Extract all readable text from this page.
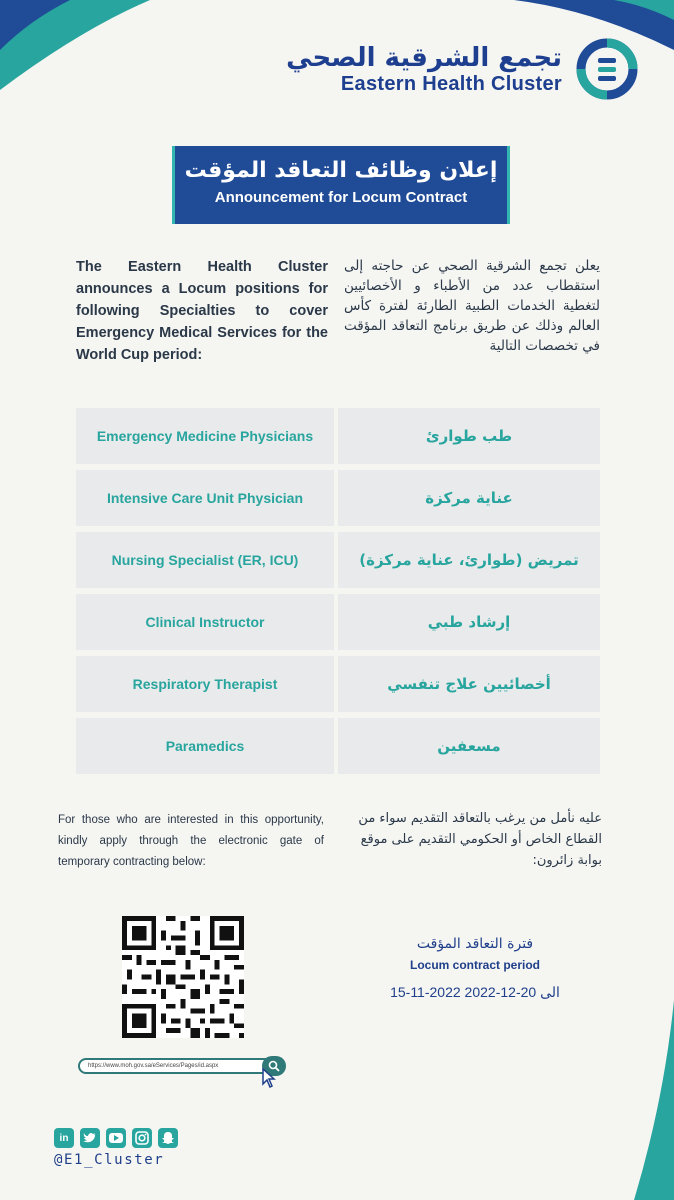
تجمع الشرقية الصحي
Eastern Health Cluster
إعلان وظائف التعاقد المؤقت
Announcement for Locum Contract
The Eastern Health Cluster announces a Locum positions for following Specialties to cover Emergency Medical Services for the World Cup period:
يعلن تجمع الشرقية الصحي عن حاجته إلى استقطاب عدد من الأطباء و الأخصائيين لتغطية الخدمات الطبية الطارئة لفترة كأس العالم وذلك عن طريق برنامج التعاقد المؤقت في تخصصات التالية
Emergency Medicine Physicians	طب طوارئ
Intensive Care Unit Physician	عناية مركزة
Nursing Specialist (ER, ICU)	تمريض (طوارئ، عناية مركزة)
Clinical Instructor	إرشاد طبي
Respiratory Therapist	أخصائيين علاج تنفسي
Paramedics	مسعفين
For those who are interested in this opportunity, kindly apply through the electronic gate of temporary contracting below:
عليه نأمل من يرغب بالتعاقد التقديم سواء من القطاع الخاص أو الحكومي التقديم على موقع بوابة زائرون:
https://www.moh.gov.sa/eServices/Pages/id.aspx
فترة التعاقد المؤقت
Locum contract period
15-11-2022 الى 20-12-2022
in
@E1_Cluster
